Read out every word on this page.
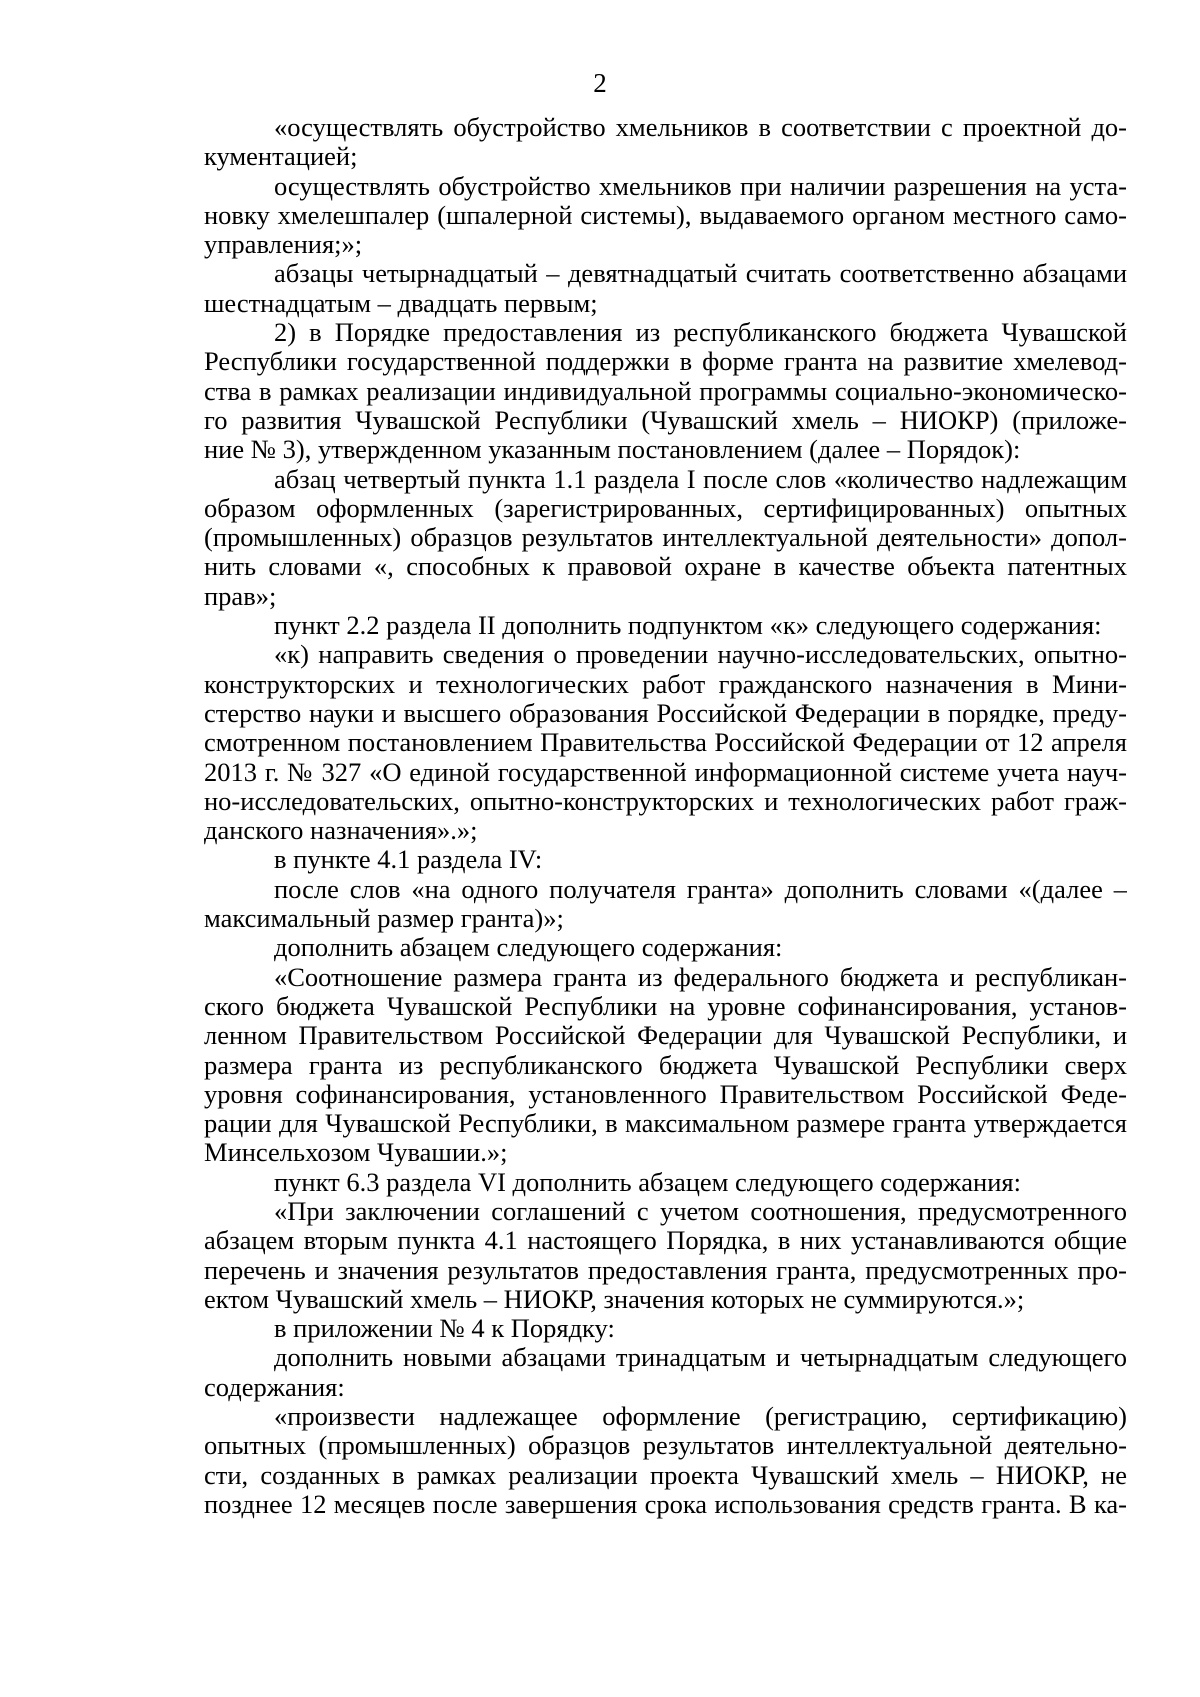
2
«осуществлять обустройство хмельников в соответствии с проектной до-
кументацией;
осуществлять обустройство хмельников при наличии разрешения на уста-
новку хмелешпалер (шпалерной системы), выдаваемого органом местного само-
управления;»;
абзацы четырнадцатый – девятнадцатый считать соответственно абзацами
шестнадцатым – двадцать первым;
2) в Порядке предоставления из республиканского бюджета Чувашской
Республики государственной поддержки в форме гранта на развитие хмелевод-
ства в рамках реализации индивидуальной программы социально-экономическо-
го развития Чувашской Республики (Чувашский хмель – НИОКР) (приложе-
ние № 3), утвержденном указанным постановлением (далее – Порядок):
абзац четвертый пункта 1.1 раздела I после слов «количество надлежащим
образом оформленных (зарегистрированных, сертифицированных) опытных
(промышленных) образцов результатов интеллектуальной деятельности» допол-
нить словами «, способных к правовой охране в качестве объекта патентных
прав»;
пункт 2.2 раздела II дополнить подпунктом «к» следующего содержания:
«к) направить сведения о проведении научно-исследовательских, опытно-
конструкторских и технологических работ гражданского назначения в Мини-
стерство науки и высшего образования Российской Федерации в порядке, преду-
смотренном постановлением Правительства Российской Федерации от 12 апреля
2013 г. № 327 «О единой государственной информационной системе учета науч-
но-исследовательских, опытно-конструкторских и технологических работ граж-
данского назначения».»;
в пункте 4.1 раздела IV:
после слов «на одного получателя гранта» дополнить словами «(далее –
максимальный размер гранта)»;
дополнить абзацем следующего содержания:
«Соотношение размера гранта из федерального бюджета и республикан-
ского бюджета Чувашской Республики на уровне софинансирования, установ-
ленном Правительством Российской Федерации для Чувашской Республики, и
размера гранта из республиканского бюджета Чувашской Республики сверх
уровня софинансирования, установленного Правительством Российской Феде-
рации для Чувашской Республики, в максимальном размере гранта утверждается
Минсельхозом Чувашии.»;
пункт 6.3 раздела VI дополнить абзацем следующего содержания:
«При заключении соглашений с учетом соотношения, предусмотренного
абзацем вторым пункта 4.1 настоящего Порядка, в них устанавливаются общие
перечень и значения результатов предоставления гранта, предусмотренных про-
ектом Чувашский хмель – НИОКР, значения которых не суммируются.»;
в приложении № 4 к Порядку:
дополнить новыми абзацами тринадцатым и четырнадцатым следующего
содержания:
«произвести надлежащее оформление (регистрацию, сертификацию)
опытных (промышленных) образцов результатов интеллектуальной деятельно-
сти, созданных в рамках реализации проекта Чувашский хмель – НИОКР, не
позднее 12 месяцев после завершения срока использования средств гранта. В ка-
